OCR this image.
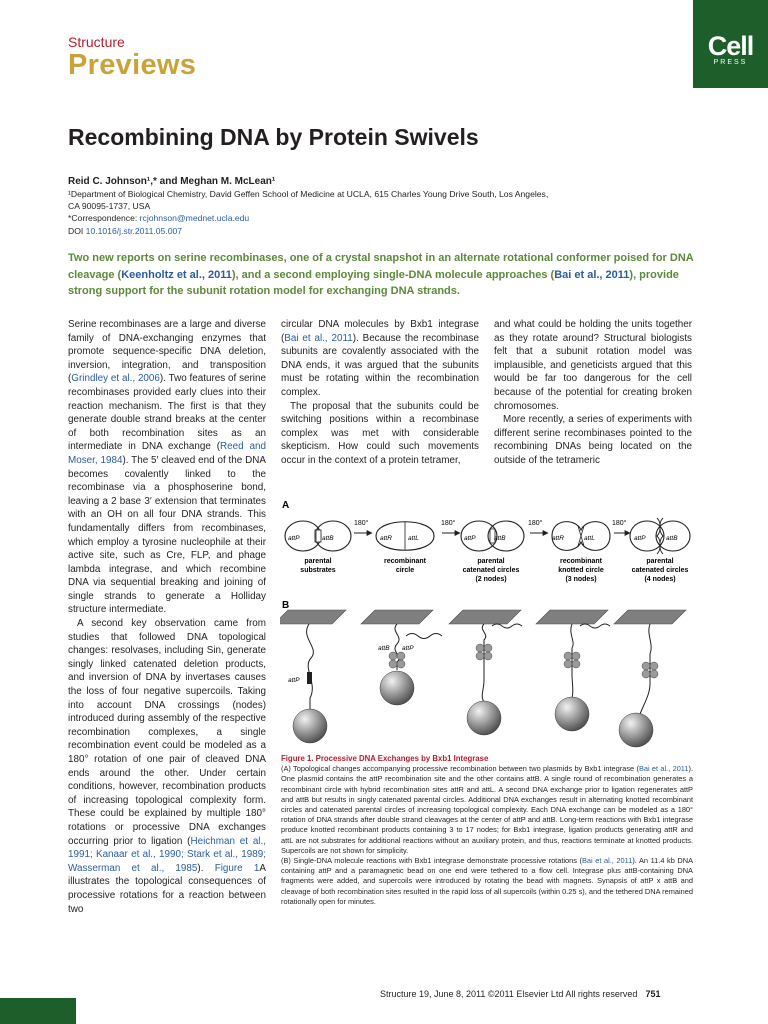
Structure
Previews
Cell
PRESS
Recombining DNA by Protein Swivels
Reid C. Johnson¹,* and Meghan M. McLean¹
¹Department of Biological Chemistry, David Geffen School of Medicine at UCLA, 615 Charles Young Drive South, Los Angeles,
CA 90095-1737, USA
*Correspondence: rcjohnson@mednet.ucla.edu
DOI 10.1016/j.str.2011.05.007
Two new reports on serine recombinases, one of a crystal snapshot in an alternate rotational conformer poised for DNA cleavage (Keenholtz et al., 2011), and a second employing single-DNA molecule approaches (Bai et al., 2011), provide strong support for the subunit rotation model for exchanging DNA strands.

Serine recombinases are a large and diverse family of DNA-exchanging enzymes that promote sequence-specific DNA deletion, inversion, integration, and transposition (Grindley et al., 2006). Two features of serine recombinases provided early clues into their reaction mechanism. The first is that they generate double strand breaks at the center of both recombination sites as an intermediate in DNA exchange (Reed and Moser, 1984). The 5′ cleaved end of the DNA becomes covalently linked to the recombinase via a phosphoserine bond, leaving a 2 base 3′ extension that terminates with an OH on all four DNA strands. This fundamentally differs from recombinases, which employ a tyrosine nucleophile at their active site, such as Cre, FLP, and phage lambda integrase, and which recombine DNA via sequential breaking and joining of single strands to generate a Holliday structure intermediate.

A second key observation came from studies that followed DNA topological changes: resolvases, including Sin, generate singly linked catenated deletion products, and inversion of DNA by invertases causes the loss of four negative supercoils. Taking into account DNA crossings (nodes) introduced during assembly of the respective recombination complexes, a single recombination event could be modeled as a 180° rotation of one pair of cleaved DNA ends around the other. Under certain conditions, however, recombination products of increasing topological complexity form. These could be explained by multiple 180° rotations or processive DNA exchanges occurring prior to ligation (Heichman et al., 1991; Kanaar et al., 1990; Stark et al., 1989; Wasserman et al., 1985). Figure 1A illustrates the topological consequences of processive rotations for a reaction between two

circular DNA molecules by Bxb1 integrase (Bai et al., 2011). Because the recombinase subunits are covalently associated with the DNA ends, it was argued that the subunits must be rotating within the recombination complex.

The proposal that the subunits could be switching positions within a recombinase complex was met with considerable skepticism. How could such movements occur in the context of a protein tetramer,

and what could be holding the units together as they rotate around? Structural biologists felt that a subunit rotation model was implausible, and geneticists argued that this would be far too dangerous for the cell because of the potential for creating broken chromosomes.

More recently, a series of experiments with different serine recombinases pointed to the recombining DNAs being located on the outside of the tetrameric

A
180°	180°	180°	180°
attP	attB	attR attL	attP	attB	attR	attL	attP	attB
parental
substrates
recombinant
circle
parental
catenated circles
(2 nodes)
recombinant
knotted circle
(3 nodes)
parental
catenated circles
(4 nodes)
B
attP
attB attP

Figure 1. Processive DNA Exchanges by Bxb1 Integrase

(A) Topological changes accompanying processive recombination between two plasmids by Bxb1 integrase (Bai et al., 2011). One plasmid contains the attP recombination site and the other contains attB. A single round of recombination generates a recombinant circle with hybrid recombination sites attR and attL. A second DNA exchange prior to ligation regenerates attP and attB but results in singly catenated parental circles. Additional DNA exchanges result in alternating knotted recombinant circles and catenated parental circles of increasing topological complexity. Each DNA exchange can be modeled as a 180° rotation of DNA strands after double strand cleavages at the center of attP and attB. Long-term reactions with Bxb1 integrase produce knotted recombinant products containing 3 to 17 nodes; for Bxb1 integrase, ligation products generating attR and attL are not substrates for additional reactions without an auxiliary protein, and thus, reactions terminate at knotted products. Supercoils are not shown for simplicity.

(B) Single-DNA molecule reactions with Bxb1 integrase demonstrate processive rotations (Bai et al., 2011). An 11.4 kb DNA containing attP and a paramagnetic bead on one end were tethered to a flow cell. Integrase plus attB-containing DNA fragments were added, and supercoils were introduced by rotating the bead with magnets. Synapsis of attP x attB and cleavage of both recombination sites resulted in the rapid loss of all supercoils (within 0.25 s), and the tethered DNA remained rotationally open for minutes.

Structure 19, June 8, 2011 ©2011 Elsevier Ltd All rights reserved 751
